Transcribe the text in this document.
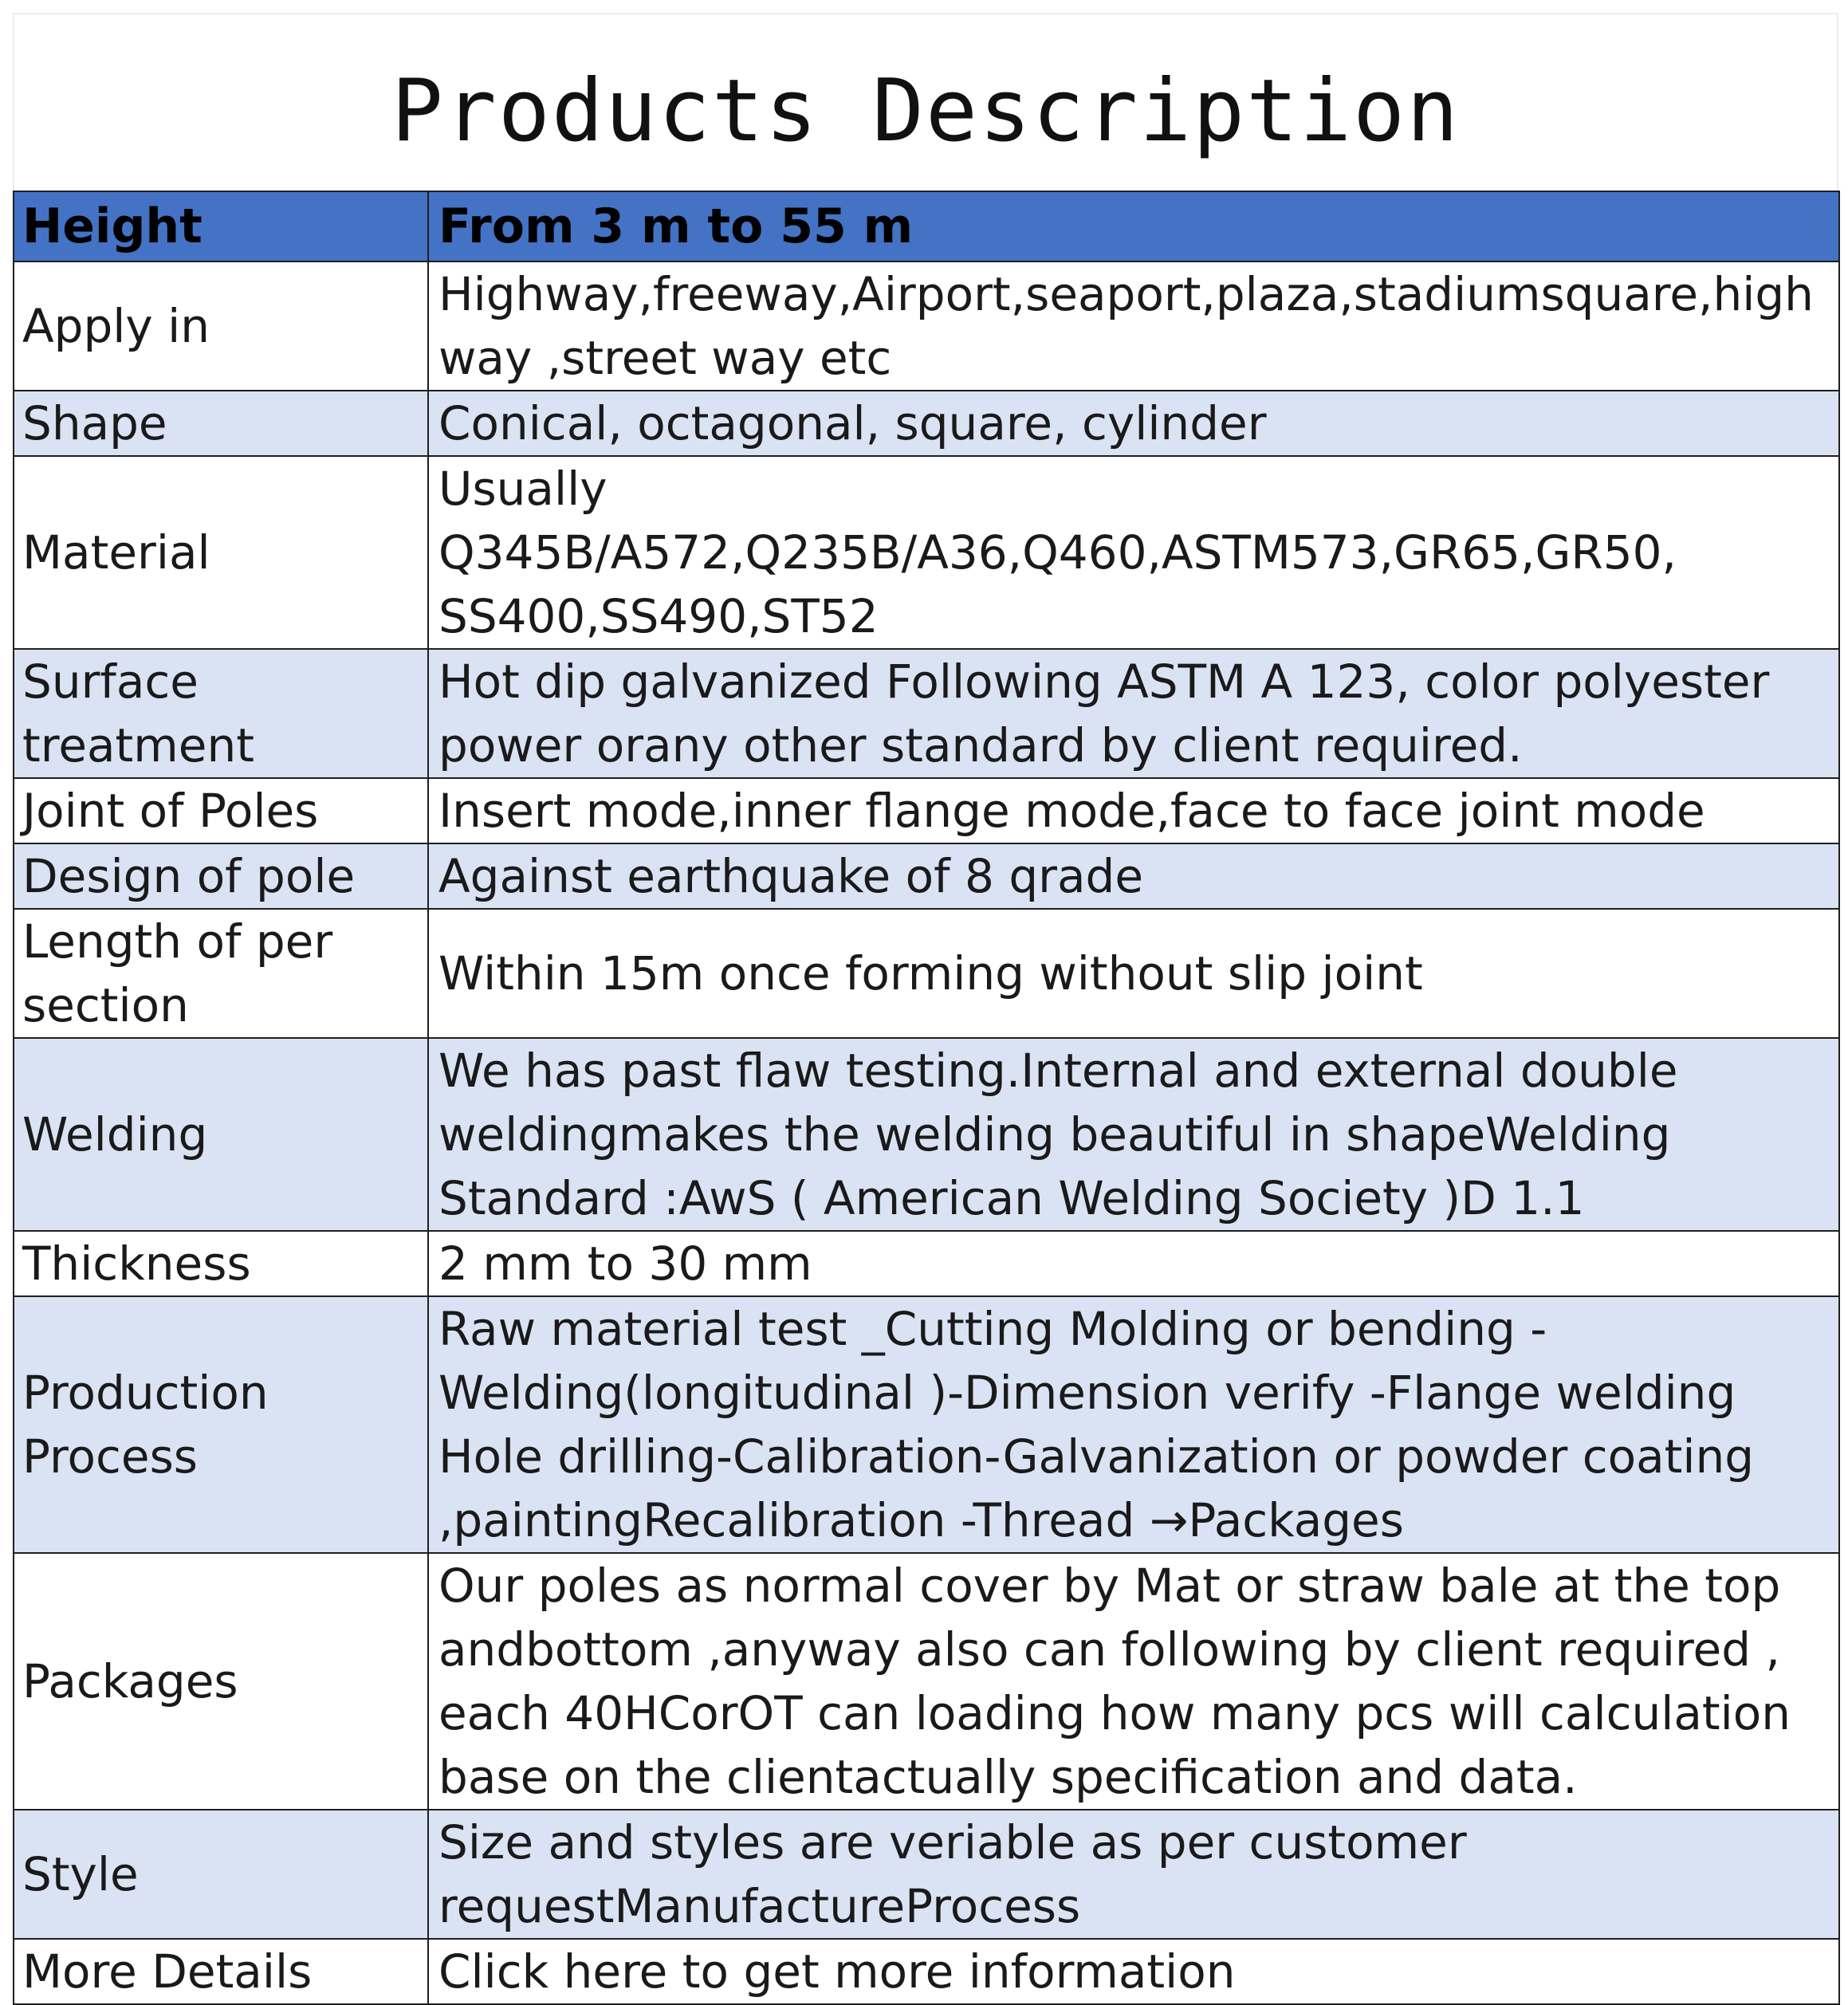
Products Description
Height	From 3 m to 55 m
Apply in	Highway,freeway,Airport,seaport,plaza,stadiumsquare,highway ,street way etc
Shape	Conical, octagonal, square, cylinder
Material	Usually Q345B/A572,Q235B/A36,Q460,ASTM573,GR65,GR50, SS400,SS490,ST52
Surface treatment	Hot dip galvanized Following ASTM A 123, color polyester power orany other standard by client required.
Joint of Poles	Insert mode,inner flange mode,face to face joint mode
Design of pole	Against earthquake of 8 qrade
Length of per section	Within 15m once forming without slip joint
Welding	We has past flaw testing.Internal and external double weldingmakes the welding beautiful in shapeWelding Standard :AwS ( American Welding Society )D 1.1
Thickness	2 mm to 30 mm
Production Process	Raw material test _Cutting Molding or bending -Welding(longitudinal )-Dimension verify -Flange welding Hole drilling-Calibration-Galvanization or powder coating ,paintingRecalibration -Thread →Packages
Packages	Our poles as normal cover by Mat or straw bale at the top andbottom ,anyway also can following by client required , each 40HCorOT can loading how many pcs will calculation base on the clientactually specification and data.
Style	Size and styles are veriable as per customer requestManufactureProcess
More Details	Click here to get more information
